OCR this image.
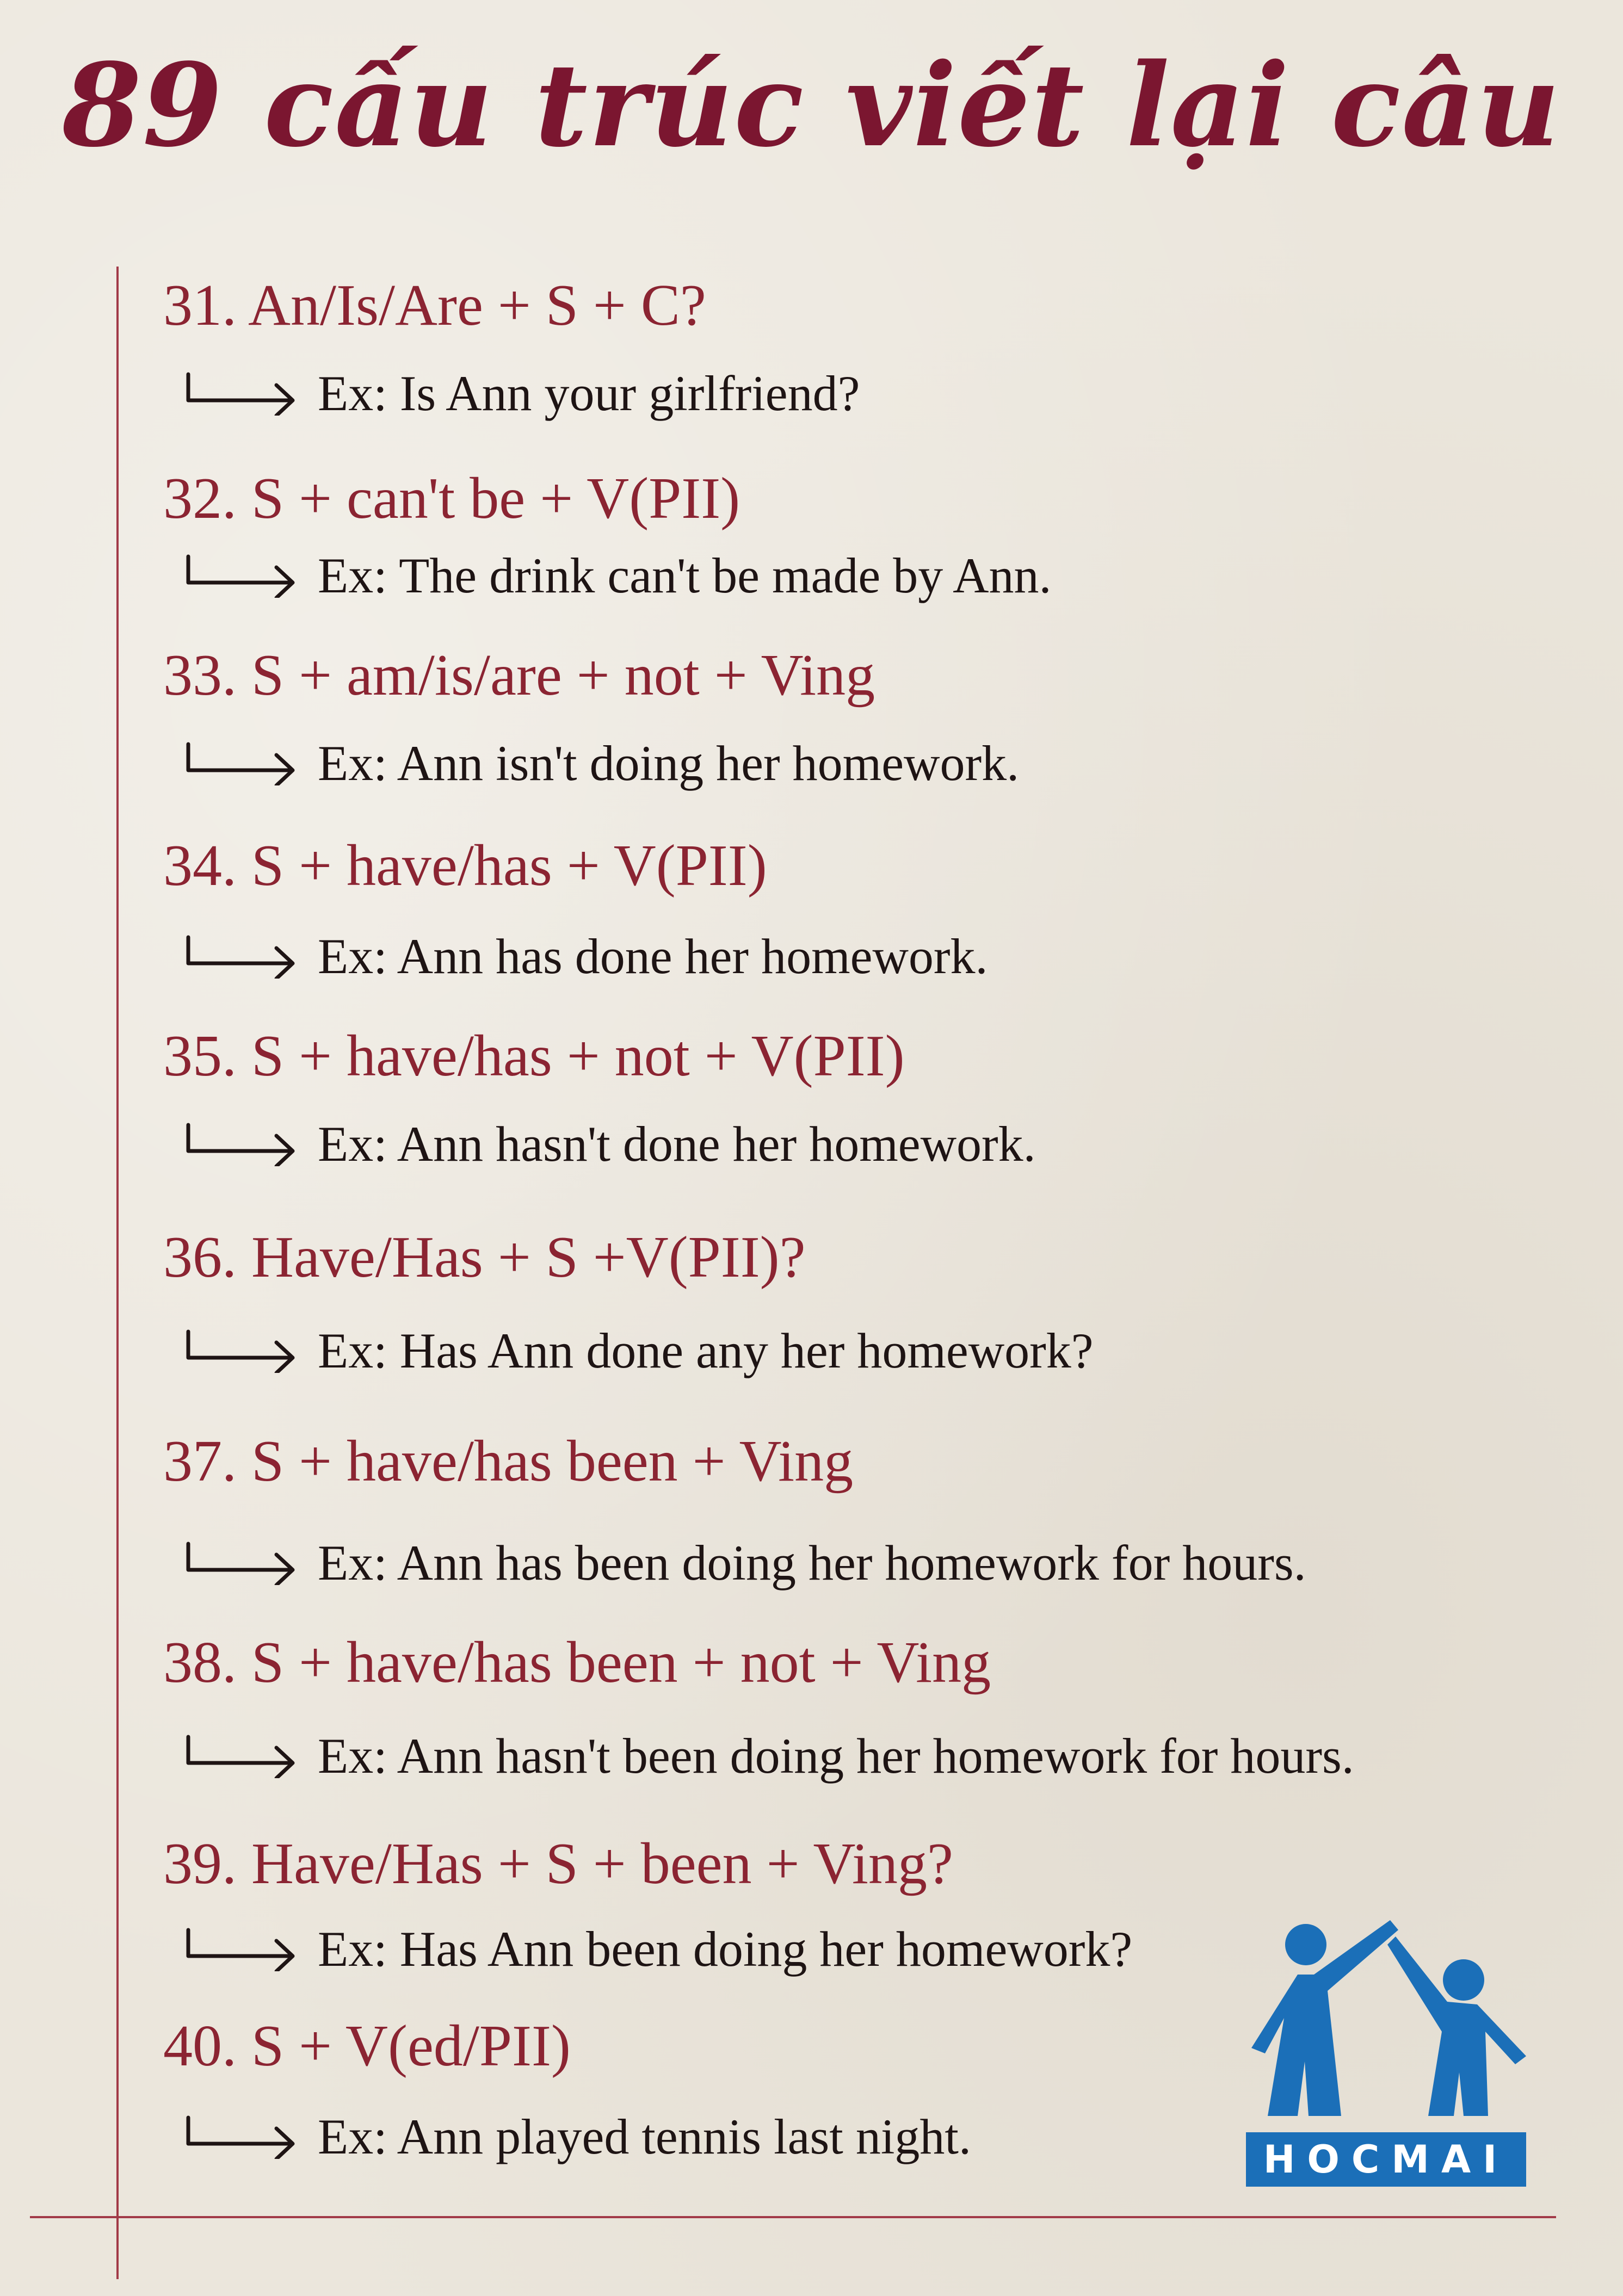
89 cấu trúc viết lại câu
31. An/Is/Are + S + C?
Ex: Is Ann your girlfriend?
32. S + can't be + V(PII)
Ex: The drink can't be made by Ann.
33. S + am/is/are + not + Ving
Ex: Ann isn't doing her homework.
34. S + have/has + V(PII)
Ex: Ann has done her homework.
35. S + have/has + not + V(PII)
Ex: Ann hasn't done her homework.
36. Have/Has + S +V(PII)?
Ex: Has Ann done any her homework?
37. S + have/has been + Ving
Ex: Ann has been doing her homework for hours.
38. S + have/has been + not + Ving
Ex: Ann hasn't been doing her homework for hours.
39. Have/Has + S + been + Ving?
Ex: Has Ann been doing her homework?
40. S + V(ed/PII)
Ex: Ann played tennis last night.	HOCMAI
